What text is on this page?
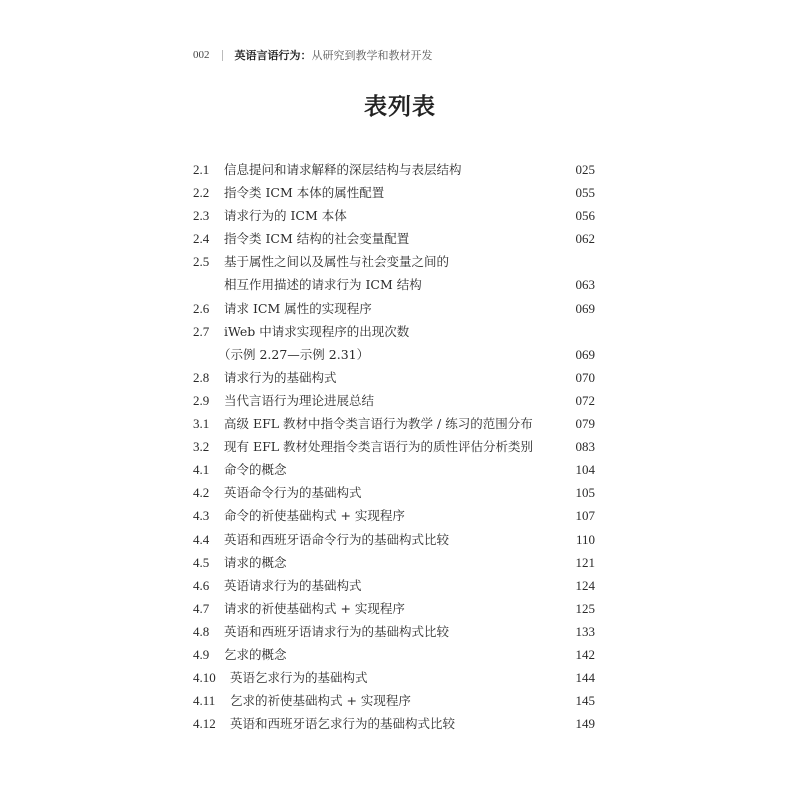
002 英语言语行为： 从研究到教学和教材开发
表列表
2.1 信息提问和请求解释的深层结构与表层结构	025
2.2 指令类 ICM 本体的属性配置	055
2.3 请求行为的 ICM 本体	056
2.4 指令类 ICM 结构的社会变量配置	062
2.5 基于属性之间以及属性与社会变量之间的
相互作用描述的请求行为 ICM 结构	063
2.6 请求 ICM 属性的实现程序	069
2.7 iWeb 中请求实现程序的出现次数
（示例 2.27—示例 2.31）	069
2.8 请求行为的基础构式	070
2.9 当代言语行为理论进展总结	072
3.1 高级 EFL 教材中指令类言语行为教学 / 练习的范围分布	079
3.2 现有 EFL 教材处理指令类言语行为的质性评估分析类别	083
4.1 命令的概念	104
4.2 英语命令行为的基础构式	105
4.3 命令的祈使基础构式 + 实现程序	107
4.4 英语和西班牙语命令行为的基础构式比较	110
4.5 请求的概念	121
4.6 英语请求行为的基础构式	124
4.7 请求的祈使基础构式 + 实现程序	125
4.8 英语和西班牙语请求行为的基础构式比较	133
4.9 乞求的概念	142
4.10 英语乞求行为的基础构式	144
4.11 乞求的祈使基础构式 + 实现程序	145
4.12 英语和西班牙语乞求行为的基础构式比较	149
